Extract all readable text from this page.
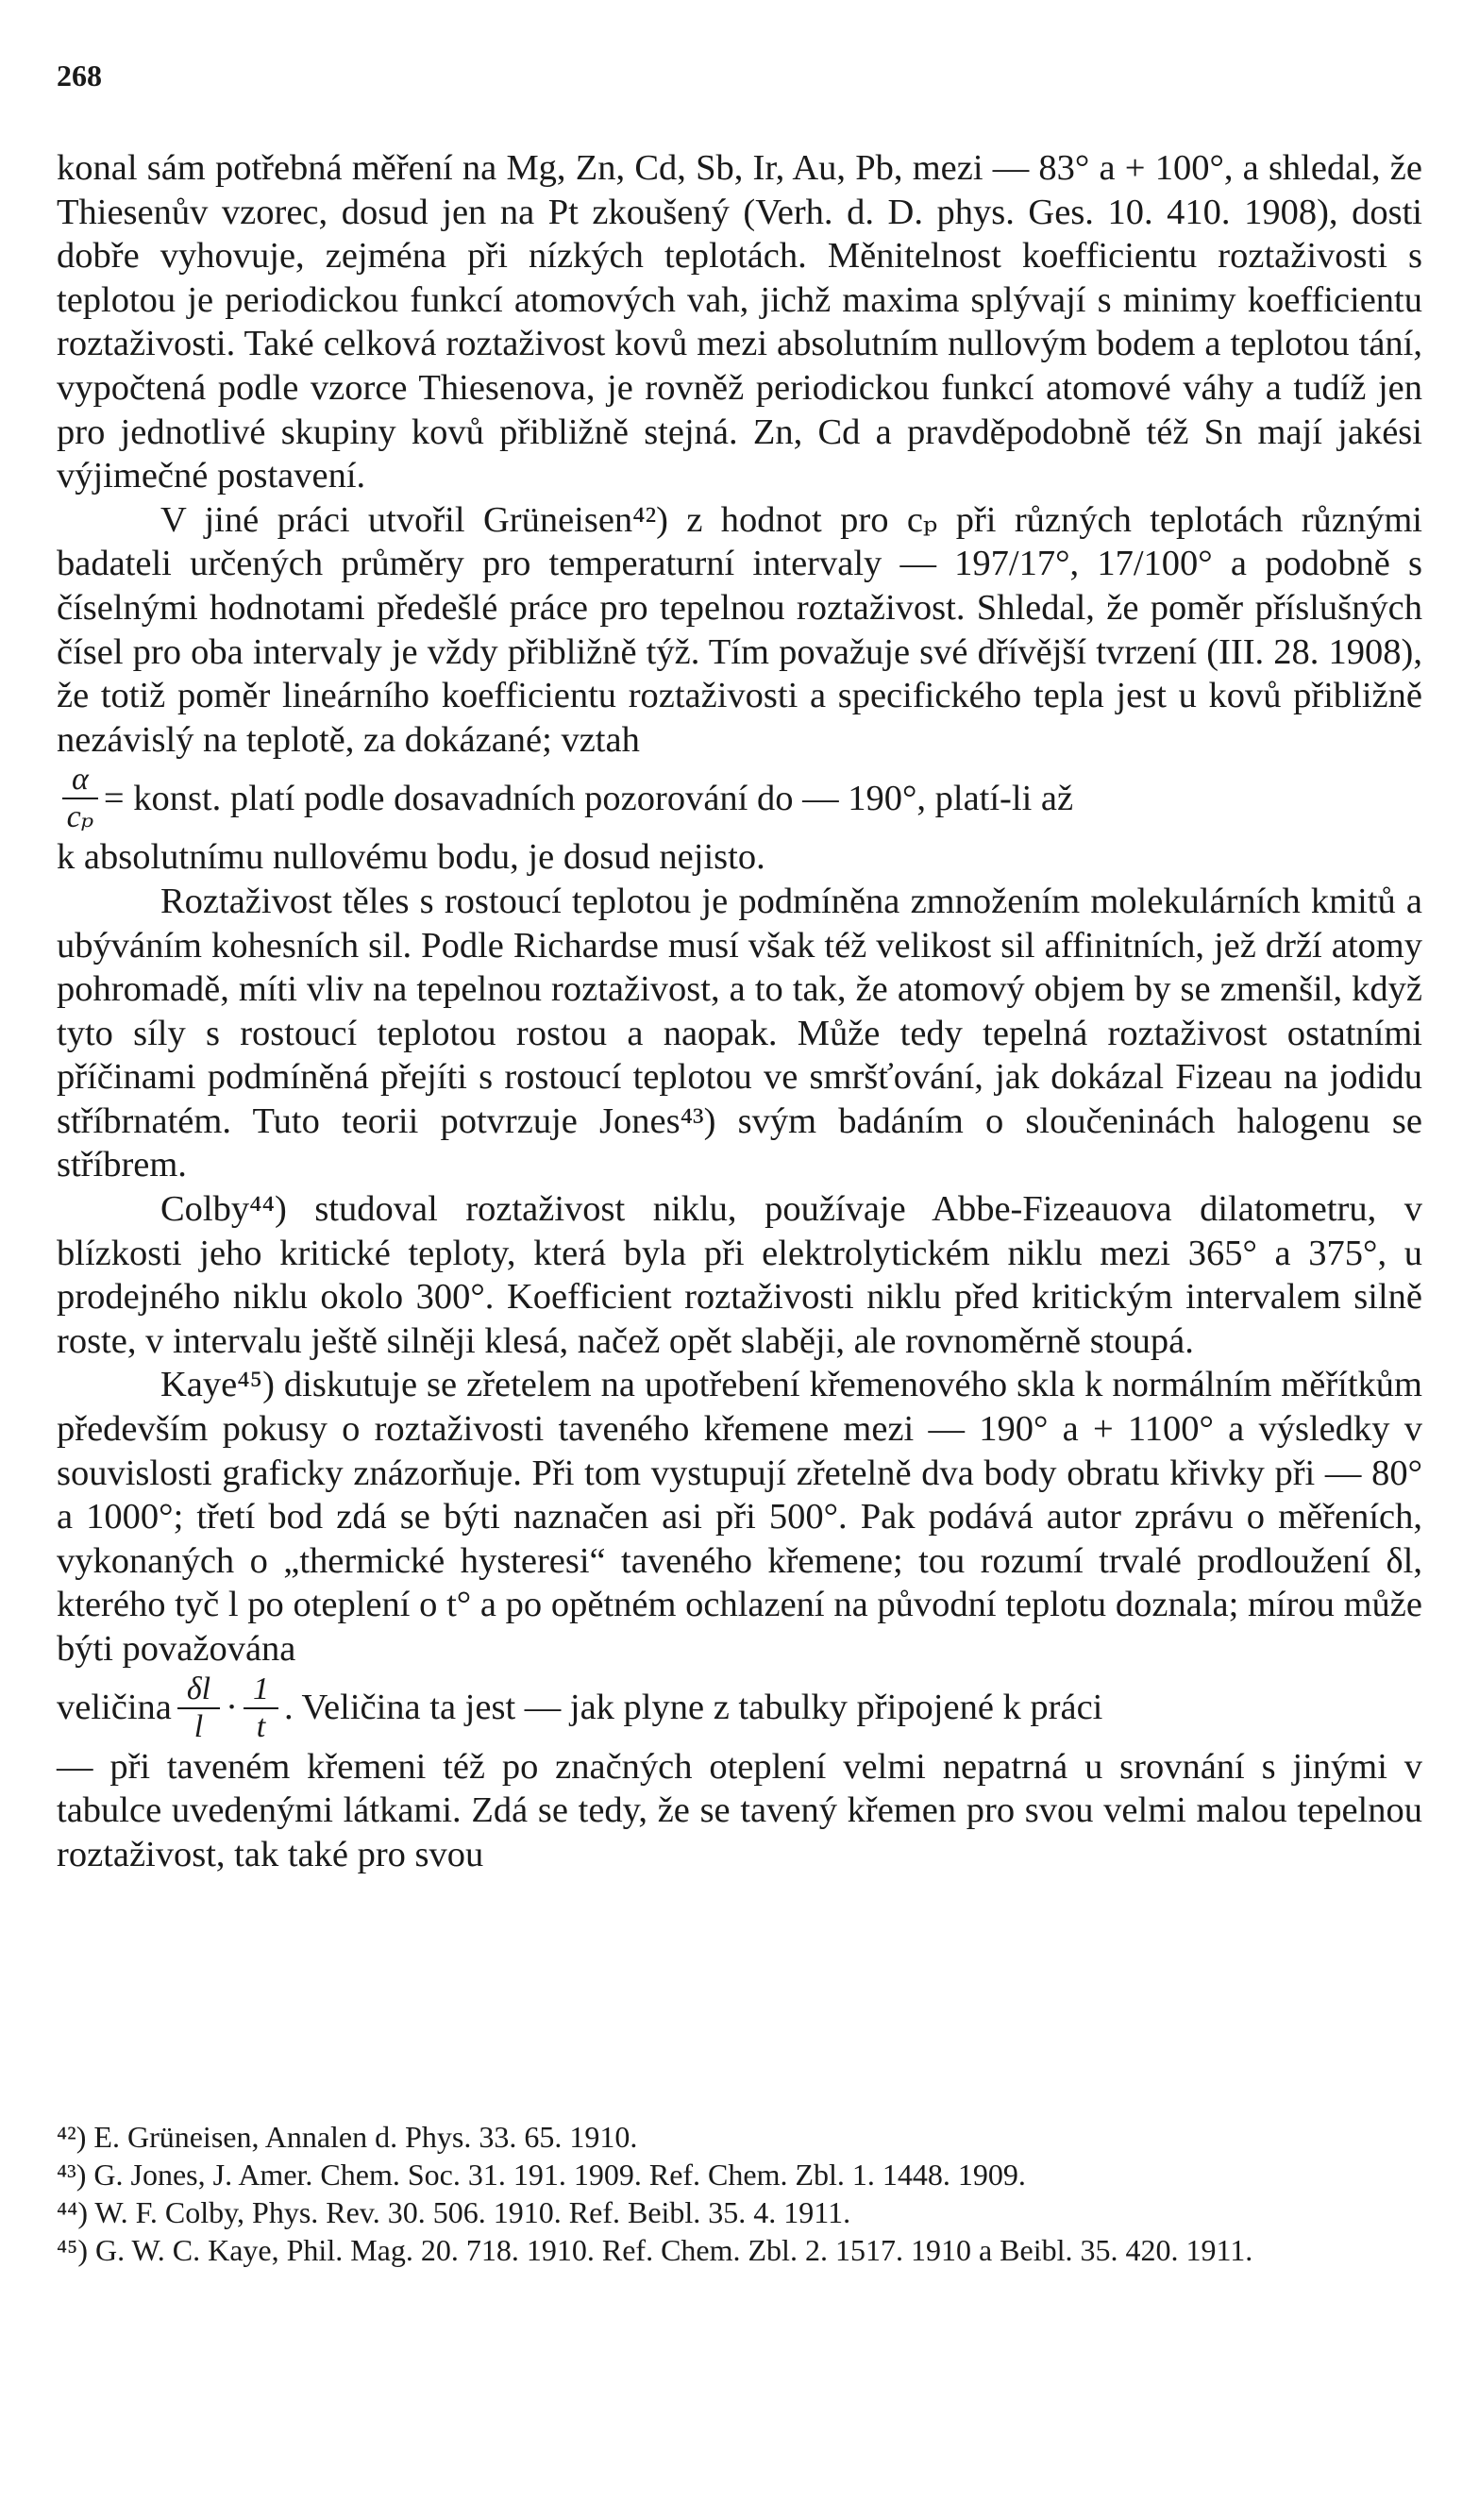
268

konal sám potřebná měření na Mg, Zn, Cd, Sb, Ir, Au, Pb, mezi — 83° a + 100°, a shledal, že Thiesenův vzorec, dosud jen na Pt zkoušený (Verh. d. D. phys. Ges. 10. 410. 1908), dosti dobře vyhovuje, zejména při nízkých teplotách. Měnitelnost koefficientu roztaživosti s teplotou je periodickou funkcí atomových vah, jichž maxima splývají s minimy koefficientu roztaživosti. Také celková roztaživost kovů mezi absolutním nullovým bodem a teplotou tání, vypočtená podle vzorce Thiesenova, je rovněž periodickou funkcí atomové váhy a tudíž jen pro jednotlivé skupiny kovů přibližně stejná. Zn, Cd a pravděpodobně též Sn mají jakési výjimečné postavení.

V jiné práci utvořil Grüneisen⁴²) z hodnot pro cₚ při různých teplotách různými badateli určených průměry pro temperaturní intervaly — 197/17°, 17/100° a podobně s číselnými hodnotami předešlé práce pro tepelnou roztaživost. Shledal, že poměr příslušných čísel pro oba intervaly je vždy přibližně týž. Tím považuje své dřívější tvrzení (III. 28. 1908), že totiž poměr lineárního koefficientu roztaživosti a specifického tepla jest u kovů přibližně nezávislý na teplotě, za dokázané; vztah

$\frac{\alpha}{\text{cₚ}}$ = konst. platí podle dosavadních pozorování do — 190°, platí-li až

k absolutnímu nullovému bodu, je dosud nejisto.

Roztaživost těles s rostoucí teplotou je podmíněna zmnožením molekulárních kmitů a ubýváním kohesních sil. Podle Richardse musí však též velikost sil affinitních, jež drží atomy pohromadě, míti vliv na tepelnou roztaživost, a to tak, že atomový objem by se zmenšil, když tyto síly s rostoucí teplotou rostou a naopak. Může tedy tepelná roztaživost ostatními příčinami podmíněná přejíti s rostoucí teplotou ve smršťování, jak dokázal Fizeau na jodidu stříbrnatém. Tuto teorii potvrzuje Jones⁴³) svým badáním o sloučeninách halogenu se stříbrem.

Colby⁴⁴) studoval roztaživost niklu, používaje Abbe-Fizeauova dilatometru, v blízkosti jeho kritické teploty, která byla při elektrolytickém niklu mezi 365° a 375°, u prodejného niklu okolo 300°. Koefficient roztaživosti niklu před kritickým intervalem silně roste, v intervalu ještě silněji klesá, načež opět slaběji, ale rovnoměrně stoupá.

Kaye⁴⁵) diskutuje se zřetelem na upotřebení křemenového skla k normálním měřítkům především pokusy o roztaživosti taveného křemene mezi — 190° a + 1100° a výsledky v souvislosti graficky znázorňuje. Při tom vystupují zřetelně dva body obratu křivky při — 80° a 1000°; třetí bod zdá se býti naznačen asi při 500°. Pak podává autor zprávu o měřeních, vykonaných o „thermické hysteresi“ taveného křemene; tou rozumí trvalé prodloužení δl, kterého tyč l po oteplení o t° a po opětném ochlazení na původní teplotu doznala; mírou může býti považována

veličina $\frac{\delta l}{l} \cdot \frac{1}{t}$ . Veličina ta jest — jak plyne z tabulky připojené k práci

— při taveném křemeni též po značných oteplení velmi nepatrná u srovnání s jinými v tabulce uvedenými látkami. Zdá se tedy, že se tavený křemen pro svou velmi malou tepelnou roztaživost, tak také pro svou

⁴²) E. Grüneisen, Annalen d. Phys. 33. 65. 1910.

⁴³) G. Jones, J. Amer. Chem. Soc. 31. 191. 1909. Ref. Chem. Zbl. 1. 1448. 1909.

⁴⁴) W. F. Colby, Phys. Rev. 30. 506. 1910. Ref. Beibl. 35. 4. 1911.

⁴⁵) G. W. C. Kaye, Phil. Mag. 20. 718. 1910. Ref. Chem. Zbl. 2. 1517. 1910 a Beibl. 35. 420. 1911.
